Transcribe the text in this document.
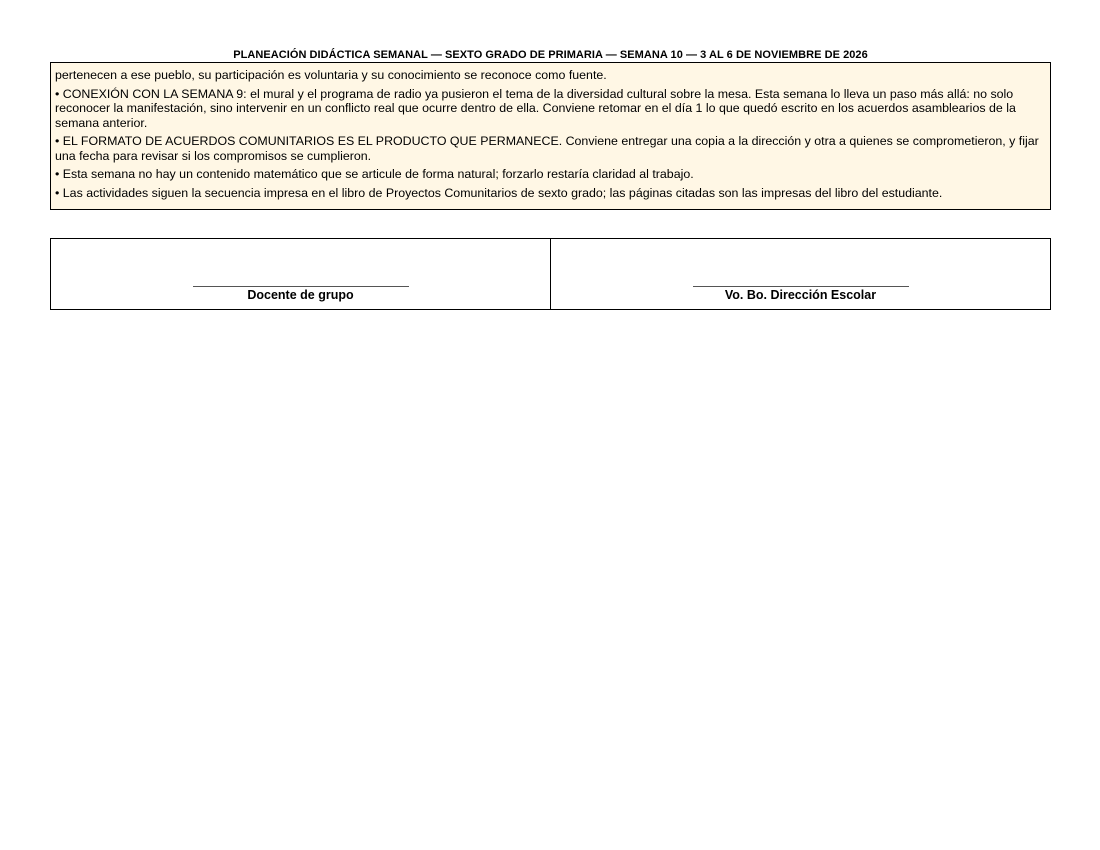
PLANEACIÓN DIDÁCTICA SEMANAL — SEXTO GRADO DE PRIMARIA — SEMANA 10 — 3 AL 6 DE NOVIEMBRE DE 2026

pertenecen a ese pueblo, su participación es voluntaria y su conocimiento se reconoce como fuente.

• CONEXIÓN CON LA SEMANA 9: el mural y el programa de radio ya pusieron el tema de la diversidad cultural sobre la mesa. Esta semana lo lleva un paso más allá: no solo reconocer la manifestación, sino intervenir en un conflicto real que ocurre dentro de ella. Conviene retomar en el día 1 lo que quedó escrito en los acuerdos asamblearios de la semana anterior.

• EL FORMATO DE ACUERDOS COMUNITARIOS ES EL PRODUCTO QUE PERMANECE. Conviene entregar una copia a la dirección y otra a quienes se comprometieron, y fijar una fecha para revisar si los compromisos se cumplieron.

• Esta semana no hay un contenido matemático que se articule de forma natural; forzarlo restaría claridad al trabajo.

• Las actividades siguen la secuencia impresa en el libro de Proyectos Comunitarios de sexto grado; las páginas citadas son las impresas del libro del estudiante.

Docente de grupo	Vo. Bo. Dirección Escolar
